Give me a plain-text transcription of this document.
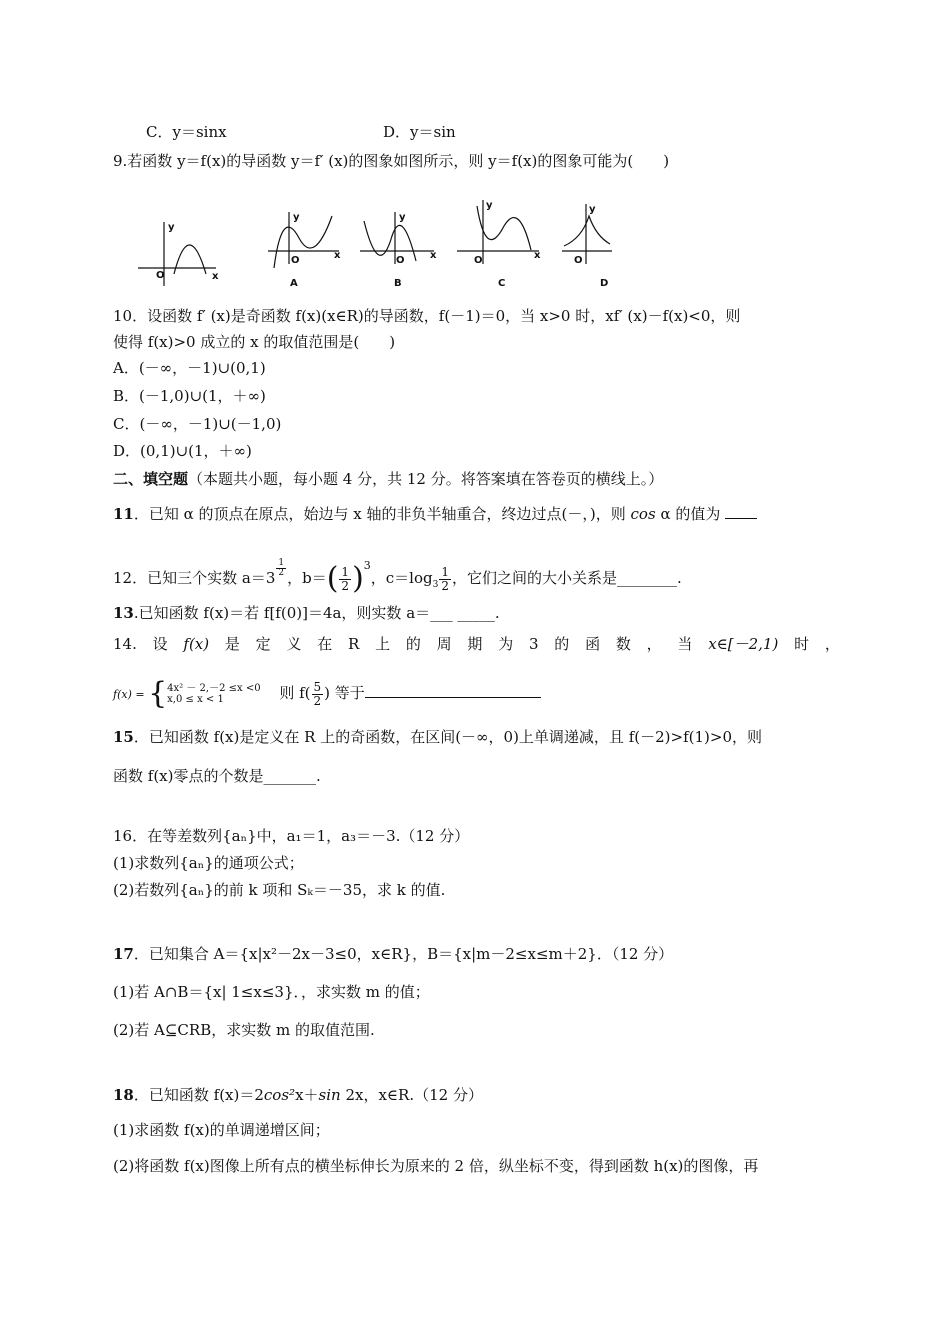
C．y＝sinx	D．y＝sin
9.若函数 y＝f(x)的导函数 y＝f′ (x)的图象如图所示，则 y＝f(x)的图象可能为(　　)
y
x
O
y
x
O
A
y
x
O
B
y
x
O
C
y
O
D
10．设函数 f′ (x)是奇函数 f(x)(x∈R)的导函数，f(－1)＝0，当 x>0 时，xf′ (x)－f(x)<0，则
使得 f(x)>0 成立的 x 的取值范围是(　　)
A．(－∞，－1)∪(0,1)
B．(－1,0)∪(1，＋∞)
C．(－∞，－1)∪(－1,0)
D．(0,1)∪(1，＋∞)
二、填空题（本题共小题，每小题 4 分，共 12 分。将答案填在答卷页的横线上。）
11．已知 α 的顶点在原点，始边与 x 轴的非负半轴重合，终边过点(－，)，则 cos α 的值为
12．已知三个实数 $a=3 \frac{1}{2}$ ，$b=( \frac{1}{2} )^3$，$c=\log_3 \frac{1}{2}$ ，它们之间的大小关系是________.
13.已知函数 f(x)＝若 f[f(0)]＝4a，则实数 a＝___ _____.
14. 设 f(x) 是 定 义 在 R 上 的 周 期 为 3 的 函 数 ， 当 x∈[－2,1) 时 ，
f(x) = { 4x² － 2,－2 ≤x <0
x,0 ≤ x < 1	则 $f( \frac{5}{2}$ ) 等于
15．已知函数 f(x)是定义在 R 上的奇函数，在区间(－∞，0)上单调递减，且 f(－2)>f(1)>0，则
函数 f(x)零点的个数是_______.
16．在等差数列{aₙ}中，a₁＝1，a₃＝－3.（12 分）
(1)求数列{aₙ}的通项公式；
(2)若数列{aₙ}的前 k 项和 Sₖ＝－35，求 k 的值.
17．已知集合 A＝{x|x²－2x－3≤0，x∈R}，B＝{x|m－2≤x≤m＋2}．（12 分）
(1)若 A∩B＝{x| 1≤x≤3}．，求实数 m 的值；
(2)若 A⊆CRB，求实数 m 的取值范围.
18．已知函数 f(x)＝2cos²x＋sin 2x，x∈R.（12 分）
(1)求函数 f(x)的单调递增区间；
(2)将函数 f(x)图像上所有点的横坐标伸长为原来的 2 倍，纵坐标不变，得到函数 h(x)的图像，再
